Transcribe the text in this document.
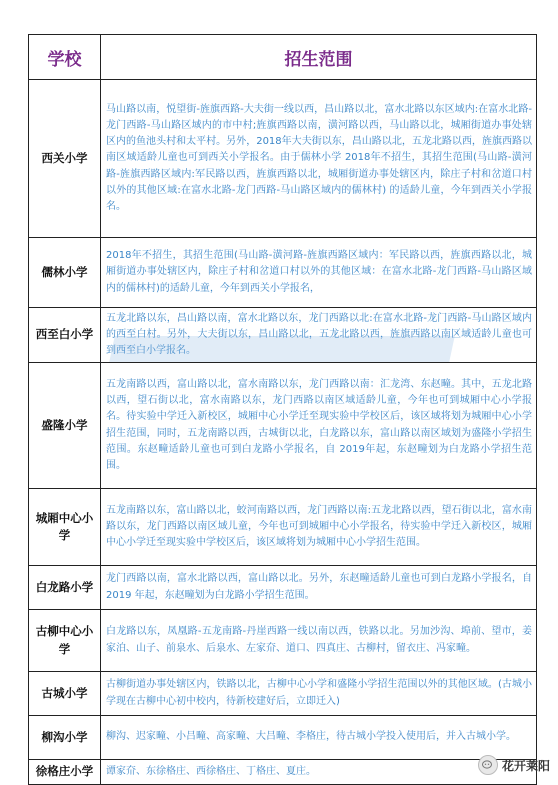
学校	招生范围
西关小学	马山路以南，悦望街-旌旗西路-大夫街一线以西，昌山路以北，富水北路以东区域内:在富水北路-龙门西路-马山路区域内的市中村;旌旗西路以南，潢河路以西，马山路以北，城厢街道办事处辖区内的鱼池头村和太平村。另外，2018年大夫街以东，昌山路以北，五龙北路以西，旌旗西路以南区域适龄儿童也可到西关小学报名。由于儒林小学 2018年不招生，其招生范围(马山路-潢河路-旌旗西路区域内:军民路以西，旌旗西路以北，城厢街道办事处辖区内，除庄子村和岔道口村以外的其他区域:在富水北路-龙门西路-马山路区域内的儒林村) 的适龄儿童，今年到西关小学报名。
儒林小学	2018年不招生，其招生范围(马山路-潢河路-旌旗西路区域内：军民路以西，旌旗西路以北，城厢街道办事处辖区内，除庄子村和岔道口村以外的其他区域：在富水北路-龙门西路-马山路区域内的儒林村)的适龄儿童，今年到西关小学报名，
西至白小学	五龙北路以东，昌山路以南，富水北路以东，龙门西路以北:在富水北路-龙门西路-马山路区域内的西至白村。另外，大夫街以东，昌山路以北，五龙北路以西，旌旗西路以南区域适龄儿童也可到西至白小学报名。
盛隆小学	五龙南路以西，富山路以北，富水南路以东，龙门西路以南：汇龙湾、东赵疃。其中，五龙北路以西，望石街以北，富水南路以东，龙门西路以南区域适龄儿童，今年也可到城厢中心小学报名。待实验中学迁入新校区，城厢中心小学迁至现实验中学校区后，该区域将划为城厢中心小学招生范围，同时，五龙南路以西，古城街以北，白龙路以东，富山路以南区域划为盛隆小学招生范围。东赵疃适龄儿童也可到白龙路小学报名，自 2019年起，东赵疃划为白龙路小学招生范围。
城厢中心小学	五龙南路以东，富山路以北，蛟河南路以西，龙门西路以南:五龙北路以西，望石街以北，富水南路以东，龙门西路以南区域儿童，今年也可到城厢中心小学报名，待实验中学迁入新校区，城厢中心小学迁至现实验中学校区后，该区域将划为城厢中心小学招生范围。
白龙路小学	龙门西路以南，富水北路以西，富山路以北。另外，东赵疃适龄儿童也可到白龙路小学报名，自 2019 年起，东赵疃划为白龙路小学招生范围。
古柳中心小学	白龙路以东，凤凰路-五龙南路-丹崖西路一线以南以西，铁路以北。另加沙沟、埠前、望市，姜家泊、山子、前泉水、后泉水、左家夼、道口、四真庄、古柳村，留衣庄、冯家疃。
古城小学	古柳街道办事处辖区内，铁路以北，古柳中心小学和盛隆小学招生范围以外的其他区域。(古城小学现在古柳中心初中校内，待新校建好后，立即迁入)
柳沟小学	柳沟、迟家疃、小吕疃、高家疃、大吕疃、李格庄，待古城小学投入使用后，并入古城小学。
徐格庄小学	谭家夼、东徐格庄、西徐格庄、丁格庄、夏庄。	花开莱阳
